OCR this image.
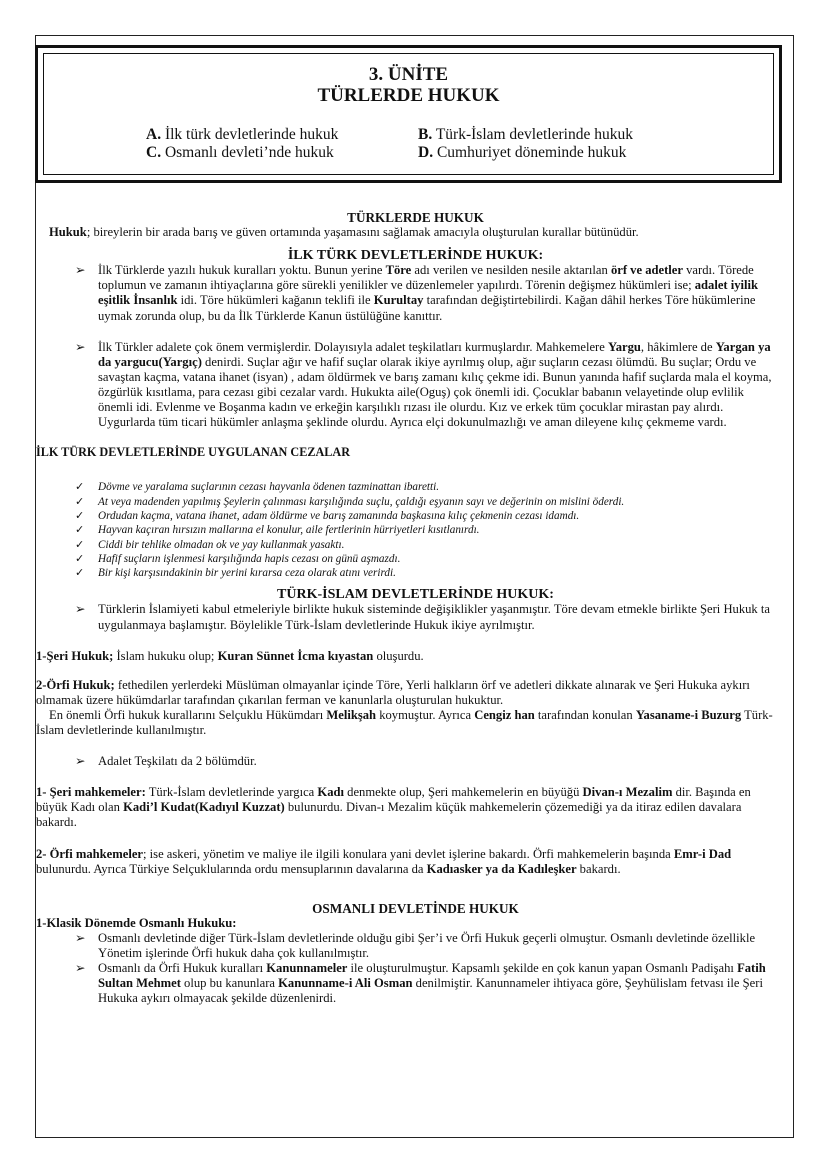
3. ÜNİTE
TÜRLERDE HUKUK
A. İlk türk devletlerinde hukuk	B. Türk-İslam devletlerinde hukuk
C. Osmanlı devleti’nde hukuk	D. Cumhuriyet döneminde hukuk

TÜRKLERDE HUKUK

Hukuk; bireylerin bir arada barış ve güven ortamında yaşamasını sağlamak amacıyla oluşturulan kurallar bütünüdür.

İLK TÜRK DEVLETLERİNDE HUKUK:

➢ İlk Türklerde yazılı hukuk kuralları yoktu. Bunun yerine Töre adı verilen ve nesilden nesile aktarılan örf ve adetler vardı. Törede toplumun ve zamanın ihtiyaçlarına göre sürekli yenilikler ve düzenlemeler yapılırdı. Törenin değişmez hükümleri ise; adalet iyilik eşitlik İnsanlık idi. Töre hükümleri kağanın teklifi ile Kurultay tarafından değiştirtebilirdi. Kağan dâhil herkes Töre hükümlerine uymak zorunda olup, bu da İlk Türklerde Kanun üstülüğüne kanıttır.
➢ İlk Türkler adalete çok önem vermişlerdir. Dolayısıyla adalet teşkilatları kurmuşlardır. Mahkemelere Yargu, hâkimlere de Yargan ya da yargucu(Yargıç) denirdi. Suçlar ağır ve hafif suçlar olarak ikiye ayrılmış olup, ağır suçların cezası ölümdü. Bu suçlar; Ordu ve savaştan kaçma, vatana ihanet (isyan) , adam öldürmek ve barış zamanı kılıç çekme idi. Bunun yanında hafif suçlarda mala el koyma, özgürlük kısıtlama, para cezası gibi cezalar vardı. Hukukta aile(Oguş) çok önemli idi. Çocuklar babanın velayetinde olup evlilik önemli idi. Evlenme ve Boşanma kadın ve erkeğin karşılıklı rızası ile olurdu. Kız ve erkek tüm çocuklar mirastan pay alırdı. Uygurlarda tüm ticari hükümler anlaşma şeklinde olurdu. Ayrıca elçi dokunulmazlığı ve aman dileyene kılıç çekmeme vardı.

İLK TÜRK DEVLETLERİNDE UYGULANAN CEZALAR

✓ Dövme ve yaralama suçlarının cezası hayvanla ödenen tazminattan ibaretti.
✓ At veya madenden yapılmış Şeylerin çalınması karşılığında suçlu, çaldığı eşyanın sayı ve değerinin on mislini öderdi.
✓ Ordudan kaçma, vatana ihanet, adam öldürme ve barış zamanında başkasına kılıç çekmenin cezası idamdı.
✓ Hayvan kaçıran hırsızın mallarına el konulur, aile fertlerinin hürriyetleri kısıtlanırdı.
✓ Ciddi bir tehlike olmadan ok ve yay kullanmak yasaktı.
✓ Hafif suçların işlenmesi karşılığında hapis cezası on günü aşmazdı.
✓ Bir kişi karşısındakinin bir yerini kırarsa ceza olarak atını verirdi.

TÜRK-İSLAM DEVLETLERİNDE HUKUK:

➢ Türklerin İslamiyeti kabul etmeleriyle birlikte hukuk sisteminde değişiklikler yaşanmıştır. Töre devam etmekle birlikte Şeri Hukuk ta uygulanmaya başlamıştır. Böylelikle Türk-İslam devletlerinde Hukuk ikiye ayrılmıştır.

1-Şeri Hukuk; İslam hukuku olup; Kuran Sünnet İcma kıyastan oluşurdu.

2-Örfi Hukuk; fethedilen yerlerdeki Müslüman olmayanlar içinde Töre, Yerli halkların örf ve adetleri dikkate alınarak ve Şeri Hukuka aykırı olmamak üzere hükümdarlar tarafından çıkarılan ferman ve kanunlarla oluşturulan hukuktur.

En önemli Örfi hukuk kurallarını Selçuklu Hükümdarı Melikşah koymuştur. Ayrıca Cengiz han tarafından konulan Yasaname-i Buzurg Türk-İslam devletlerinde kullanılmıştır.

➢ Adalet Teşkilatı da 2 bölümdür.

1- Şeri mahkemeler: Türk-İslam devletlerinde yargıca Kadı denmekte olup, Şeri mahkemelerin en büyüğü Divan-ı Mezalim dir. Başında en büyük Kadı olan Kadi’l Kudat(Kadıyıl Kuzzat) bulunurdu. Divan-ı Mezalim küçük mahkemelerin çözemediği ya da itiraz edilen davalara bakardı.

2- Örfi mahkemeler; ise askeri, yönetim ve maliye ile ilgili konulara yani devlet işlerine bakardı. Örfi mahkemelerin başında Emr-i Dad bulunurdu. Ayrıca Türkiye Selçuklularında ordu mensuplarının davalarına da Kadıasker ya da Kadıleşker bakardı.

OSMANLI DEVLETİNDE HUKUK

1-Klasik Dönemde Osmanlı Hukuku:

➢ Osmanlı devletinde diğer Türk-İslam devletlerinde olduğu gibi Şer’i ve Örfi Hukuk geçerli olmuştur. Osmanlı devletinde özellikle Yönetim işlerinde Örfi hukuk daha çok kullanılmıştır.
➢ Osmanlı da Örfi Hukuk kuralları Kanunnameler ile oluşturulmuştur. Kapsamlı şekilde en çok kanun yapan Osmanlı Padişahı Fatih Sultan Mehmet olup bu kanunlara Kanunname-i Ali Osman denilmiştir. Kanunnameler ihtiyaca göre, Şeyhülislam fetvası ile Şeri Hukuka aykırı olmayacak şekilde düzenlenirdi.
